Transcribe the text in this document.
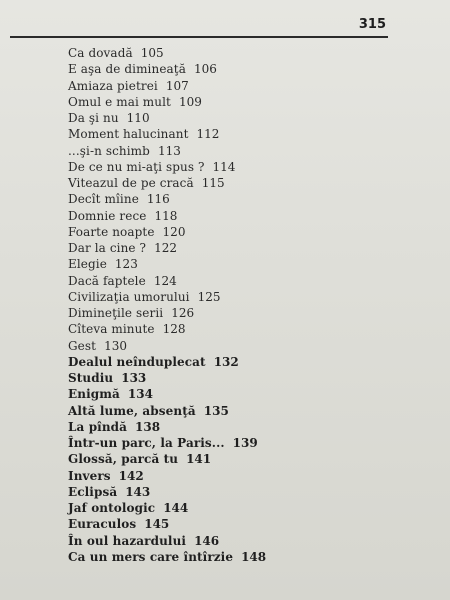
315
Ca dovadă 105
E aşa de dimineaţă 106
Amiaza pietrei 107
Omul e mai mult 109
Da şi nu 110
Moment halucinant 112
...şi-n schimb 113
De ce nu mi-aţi spus ? 114
Viteazul de pe cracă 115
Decît mîine 116
Domnie rece 118
Foarte noapte 120
Dar la cine ? 122
Elegie 123
Dacă faptele 124
Civilizaţia umorului 125
Dimineţile serii 126
Cîteva minute 128
Gest 130
Dealul neînduplecat 132
Studiu 133
Enigmă 134
Altă lume, absenţă 135
La pîndă 138
Într-un parc, la Paris... 139
Glossă, parcă tu 141
Invers 142
Eclipsă 143
Jaf ontologic 144
Euraculos 145
În oul hazardului 146
Ca un mers care întîrzie 148
